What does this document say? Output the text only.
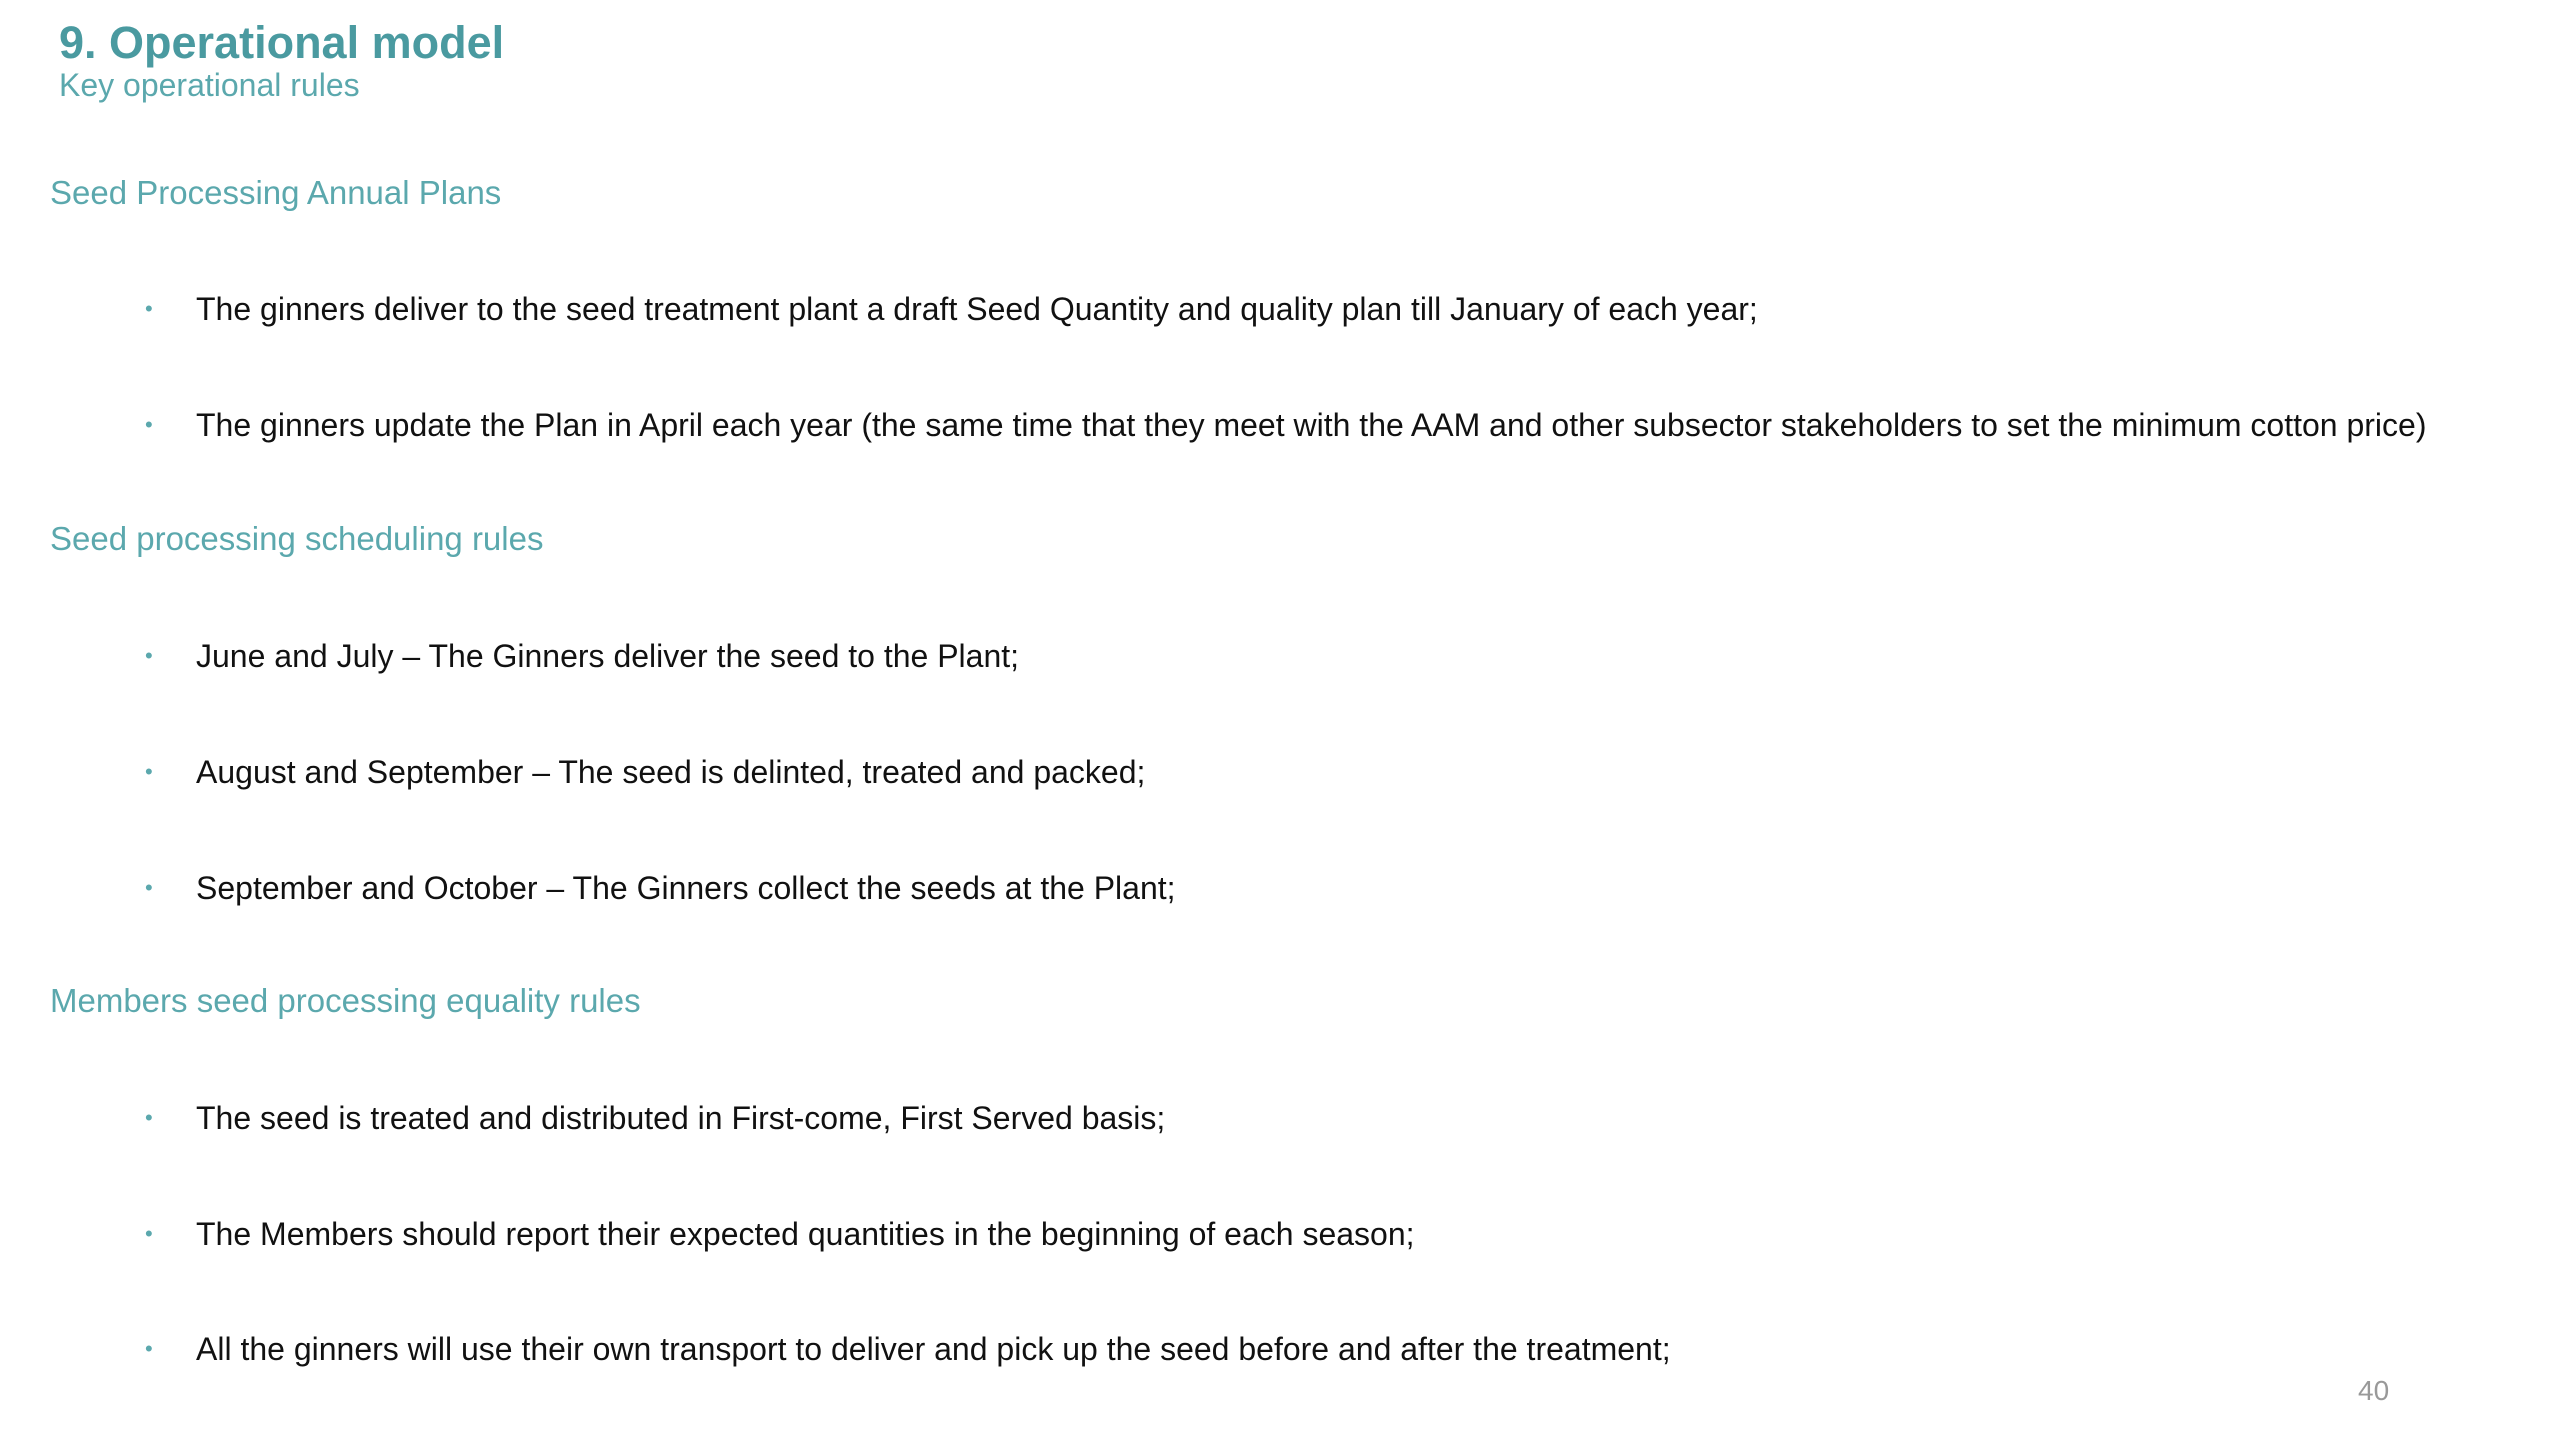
9. Operational model
Key operational rules
Seed Processing Annual Plans
• The ginners deliver to the seed treatment plant a draft Seed Quantity and quality plan till January of each year;
• The ginners update the Plan in April each year (the same time that they meet with the AAM and other subsector stakeholders to set the minimum cotton price)
Seed processing scheduling rules
• June and July – The Ginners deliver the seed to the Plant;
• August and September – The seed is delinted, treated and packed;
• September and October – The Ginners collect the seeds at the Plant;
Members seed processing equality rules
• The seed is treated and distributed in First-come, First Served basis;
• The Members should report their expected quantities in the beginning of each season;
• All the ginners will use their own transport to deliver and pick up the seed before and after the treatment;
40
